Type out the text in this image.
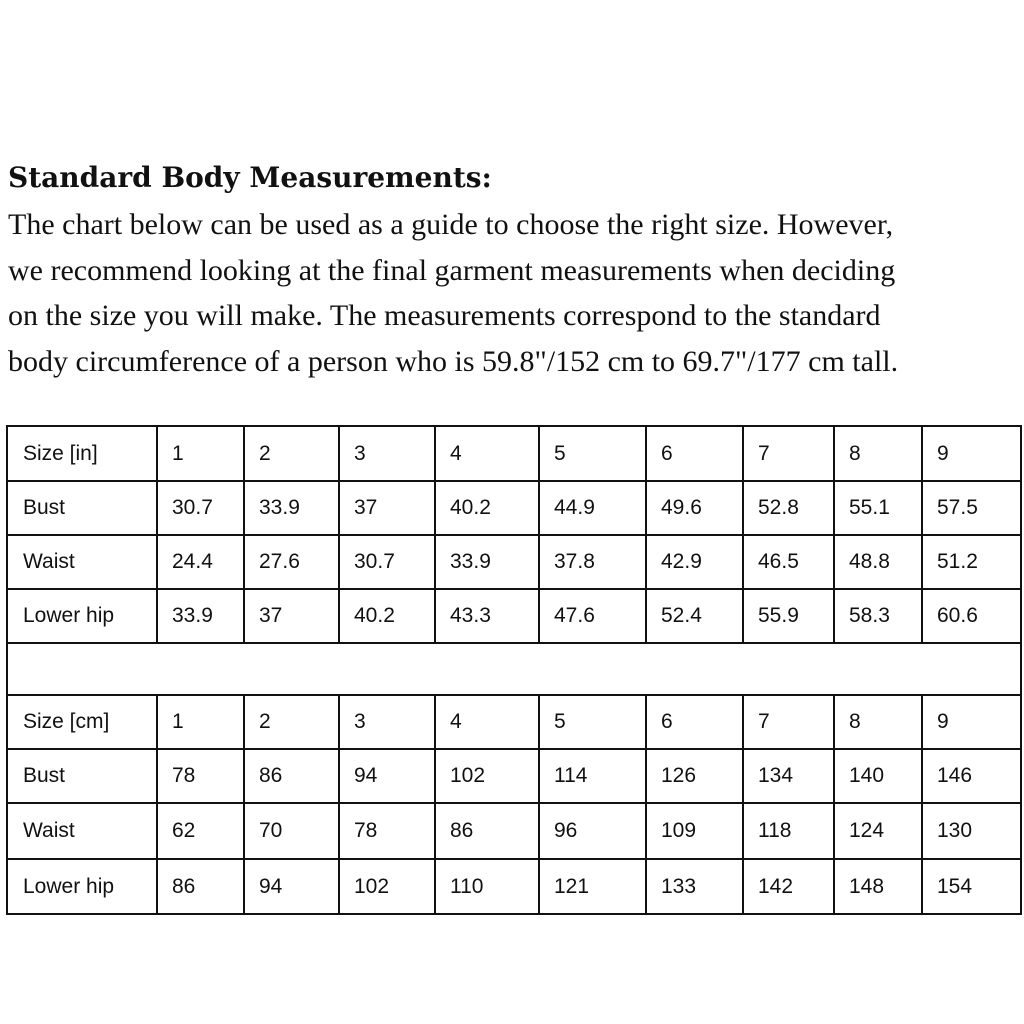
Standard Body Measurements:

The chart below can be used as a guide to choose the right size. However,
we recommend looking at the final garment measurements when deciding
on the size you will make. The measurements correspond to the standard
body circumference of a person who is 59.8"/152 cm to 69.7"/177 cm tall.

Size [in]	1	2	3	4	5	6	7	8	9
Bust	30.7	33.9	37	40.2	44.9	49.6	52.8	55.1	57.5
Waist	24.4	27.6	30.7	33.9	37.8	42.9	46.5	48.8	51.2
Lower hip	33.9	37	40.2	43.3	47.6	52.4	55.9	58.3	60.6

Size [cm]	1	2	3	4	5	6	7	8	9
Bust	78	86	94	102	114	126	134	140	146
Waist	62	70	78	86	96	109	118	124	130
Lower hip	86	94	102	110	121	133	142	148	154
